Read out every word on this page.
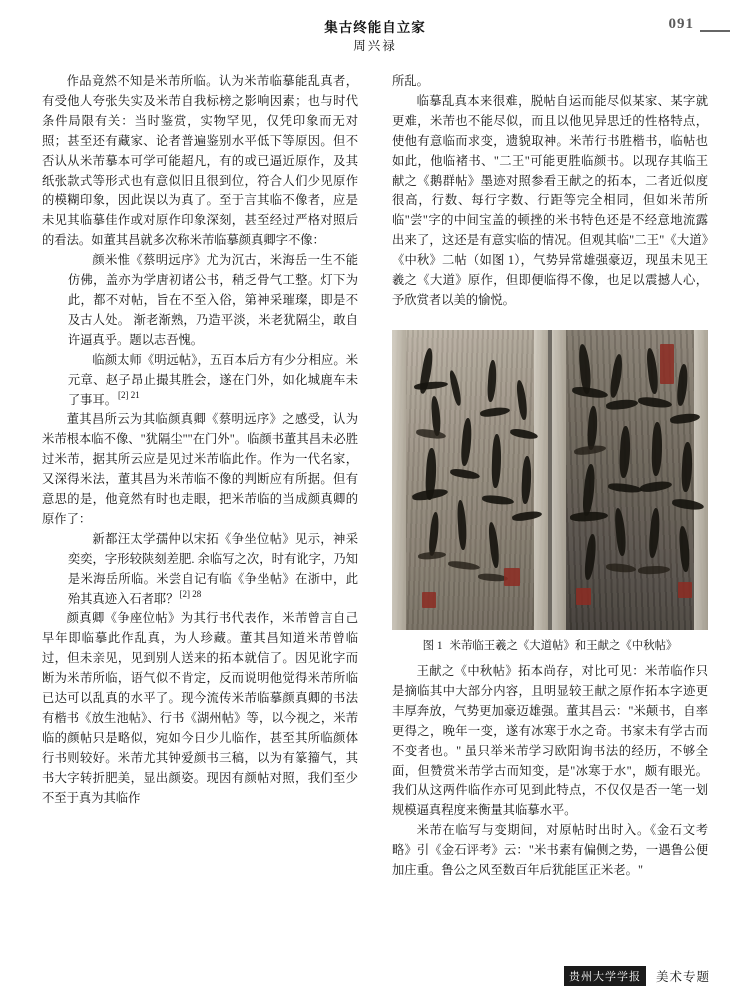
集古终能自立家
周兴禄
091

作品竟然不知是米芾所临。认为米芾临摹能乱真者，有受他人夸张失实及米芾自我标榜之影响因素；也与时代条件局限有关：当时鉴赏，实物罕见，仅凭印象而无对照；甚至还有藏家、论者普遍鉴别水平低下等原因。但不否认从米芾摹本可学可能超凡，有的或已逼近原作，及其纸张款式等形式也有意似旧且很到位，符合人们少见原作的模糊印象，因此误以为真了。至于言其临不像者，应是未见其临摹佳作或对原作印象深刻，甚至经过严格对照后的看法。如董其昌就多次称米芾临摹颜真卿字不像：

颜米惟《蔡明远序》尤为沉古，米海岳一生不能仿佛，盖亦为学唐初诸公书，稍乏骨气工整。灯下为此，都不对帖，旨在不至入俗，第神采璀璨，即是不及古人处。 渐老渐熟，乃造平淡，米老犹隔尘，敢自许逼真乎。题以志吾愧。

临颜太师《明远帖》，五百本后方有少分相应。米元章、赵子昂止撮其胜会，遂在门外，如化城鹿车未了事耳。$^{[2] 21}$

董其昌所云为其临颜真卿《蔡明远序》之感受，认为米芾根本临不像、"犹隔尘""在门外"。临颜书董其昌未必胜过米芾，据其所云应是见过米芾临此作。作为一代名家，又深得米法，董其昌为米芾临不像的判断应有所据。但有意思的是，他竟然有时也走眼，把米芾临的当成颜真卿的原作了：

新都汪太学孺仲以宋拓《争坐位帖》见示，神采奕奕，字形较陕刻差肥. 余临写之次，时有讹字，乃知是米海岳所临。米尝自记有临《争坐帖》在浙中，此殆其真迹入石者耶？$^{[2] 28}$

颜真卿《争座位帖》为其行书代表作，米芾曾言自己早年即临摹此作乱真，为人珍藏。董其昌知道米芾曾临过，但未亲见，见到别人送来的拓本就信了。因见讹字而断为米芾所临，语气似不肯定，反而说明他觉得米芾所临已达可以乱真的水平了。现今流传米芾临摹颜真卿的书法有楷书《放生池帖》、行书《湖州帖》等，以今视之，米芾临的颜帖只是略似，宛如今日少儿临作，甚至其所临颜体行书则较好。米芾尤其钟爱颜书三稿，以为有篆籀气，其书大字转折肥美，显出颜姿。现因有颜帖对照，我们至少不至于真为其临作

所乱。

临摹乱真本来很难，脱帖自运而能尽似某家、某字就更难，米芾也不能尽似，而且以他见异思迁的性格特点，使他有意临而求变，遗貌取神。米芾行书胜楷书，临帖也如此，他临褚书、"二王"可能更胜临颜书。以现存其临王献之《鹅群帖》墨迹对照参看王献之的拓本，二者近似度很高，行数、每行字数、行距等完全相同，但如米芾所临"尝"字的中间宝盖的顿挫的米书特色还是不经意地流露出来了，这还是有意实临的情况。但观其临"二王"《大道》《中秋》二帖（如图 1），气势异常雄强豪迈，现虽未见王羲之《大道》原作，但即便临得不像，也足以震撼人心，予欣赏者以美的愉悦。

图 1 米芾临王羲之《大道帖》和王献之《中秋帖》

王献之《中秋帖》拓本尚存，对比可见：米芾临作只是摘临其中大部分内容，且明显较王献之原作拓本字迹更丰厚奔放，气势更加豪迈雄强。董其昌云："米颠书，自率更得之，晚年一变，遂有冰寒于水之奇。书家未有学古而不变者也。" 虽只举米芾学习欧阳询书法的经历，不够全面，但赞赏米芾学古而知变，是"冰寒于水"，颇有眼光。我们从这两件临作亦可见到此特点，不仅仅是否一笔一划规模逼真程度来衡量其临摹水平。

米芾在临写与变期间，对原帖时出时入。《金石文考略》引《金石评考》云："米书素有偏侧之势，一遇鲁公便加庄重。鲁公之风至数百年后犹能匡正米老。"

贵州大学学报	美术专题
